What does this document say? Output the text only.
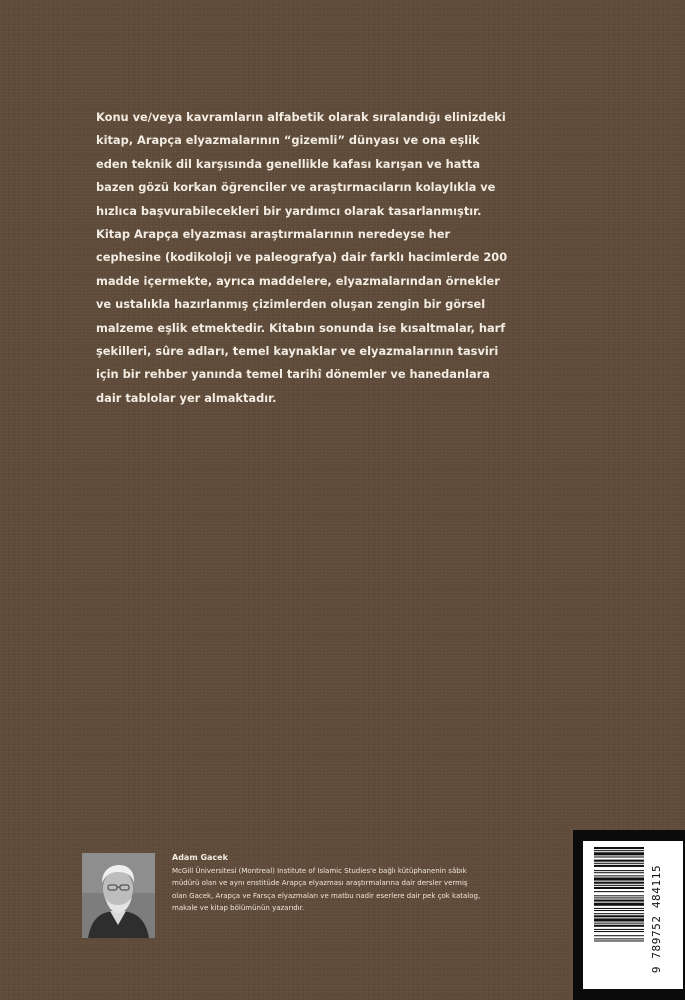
Konu ve/veya kavramların alfabetik olarak sıralandığı elinizdeki
kitap, Arapça elyazmalarının “gizemli” dünyası ve ona eşlik
eden teknik dil karşısında genellikle kafası karışan ve hatta
bazen gözü korkan öğrenciler ve araştırmacıların kolaylıkla ve
hızlıca başvurabilecekleri bir yardımcı olarak tasarlanmıştır.
Kitap Arapça elyazması araştırmalarının neredeyse her
cephesine (kodikoloji ve paleografya) dair farklı hacimlerde 200
madde içermekte, ayrıca maddelere, elyazmalarından örnekler
ve ustalıkla hazırlanmış çizimlerden oluşan zengin bir görsel
malzeme eşlik etmektedir. Kitabın sonunda ise kısaltmalar, harf
şekilleri, sûre adları, temel kaynaklar ve elyazmalarının tasviri
için bir rehber yanında temel tarihî dönemler ve hanedanlara
dair tablolar yer almaktadır.

Adam Gacek

McGill Üniversitesi (Montreal) Institute of Islamic Studies'e bağlı kütüphanenin sâbık
müdürü olan ve aynı enstitüde Arapça elyazması araştırmalarına dair dersler vermiş
olan Gacek, Arapça ve Farsça elyazmaları ve matbu nadir eserlere dair pek çok katalog,
makale ve kitap bölümünün yazarıdır.	9 789752 484115
